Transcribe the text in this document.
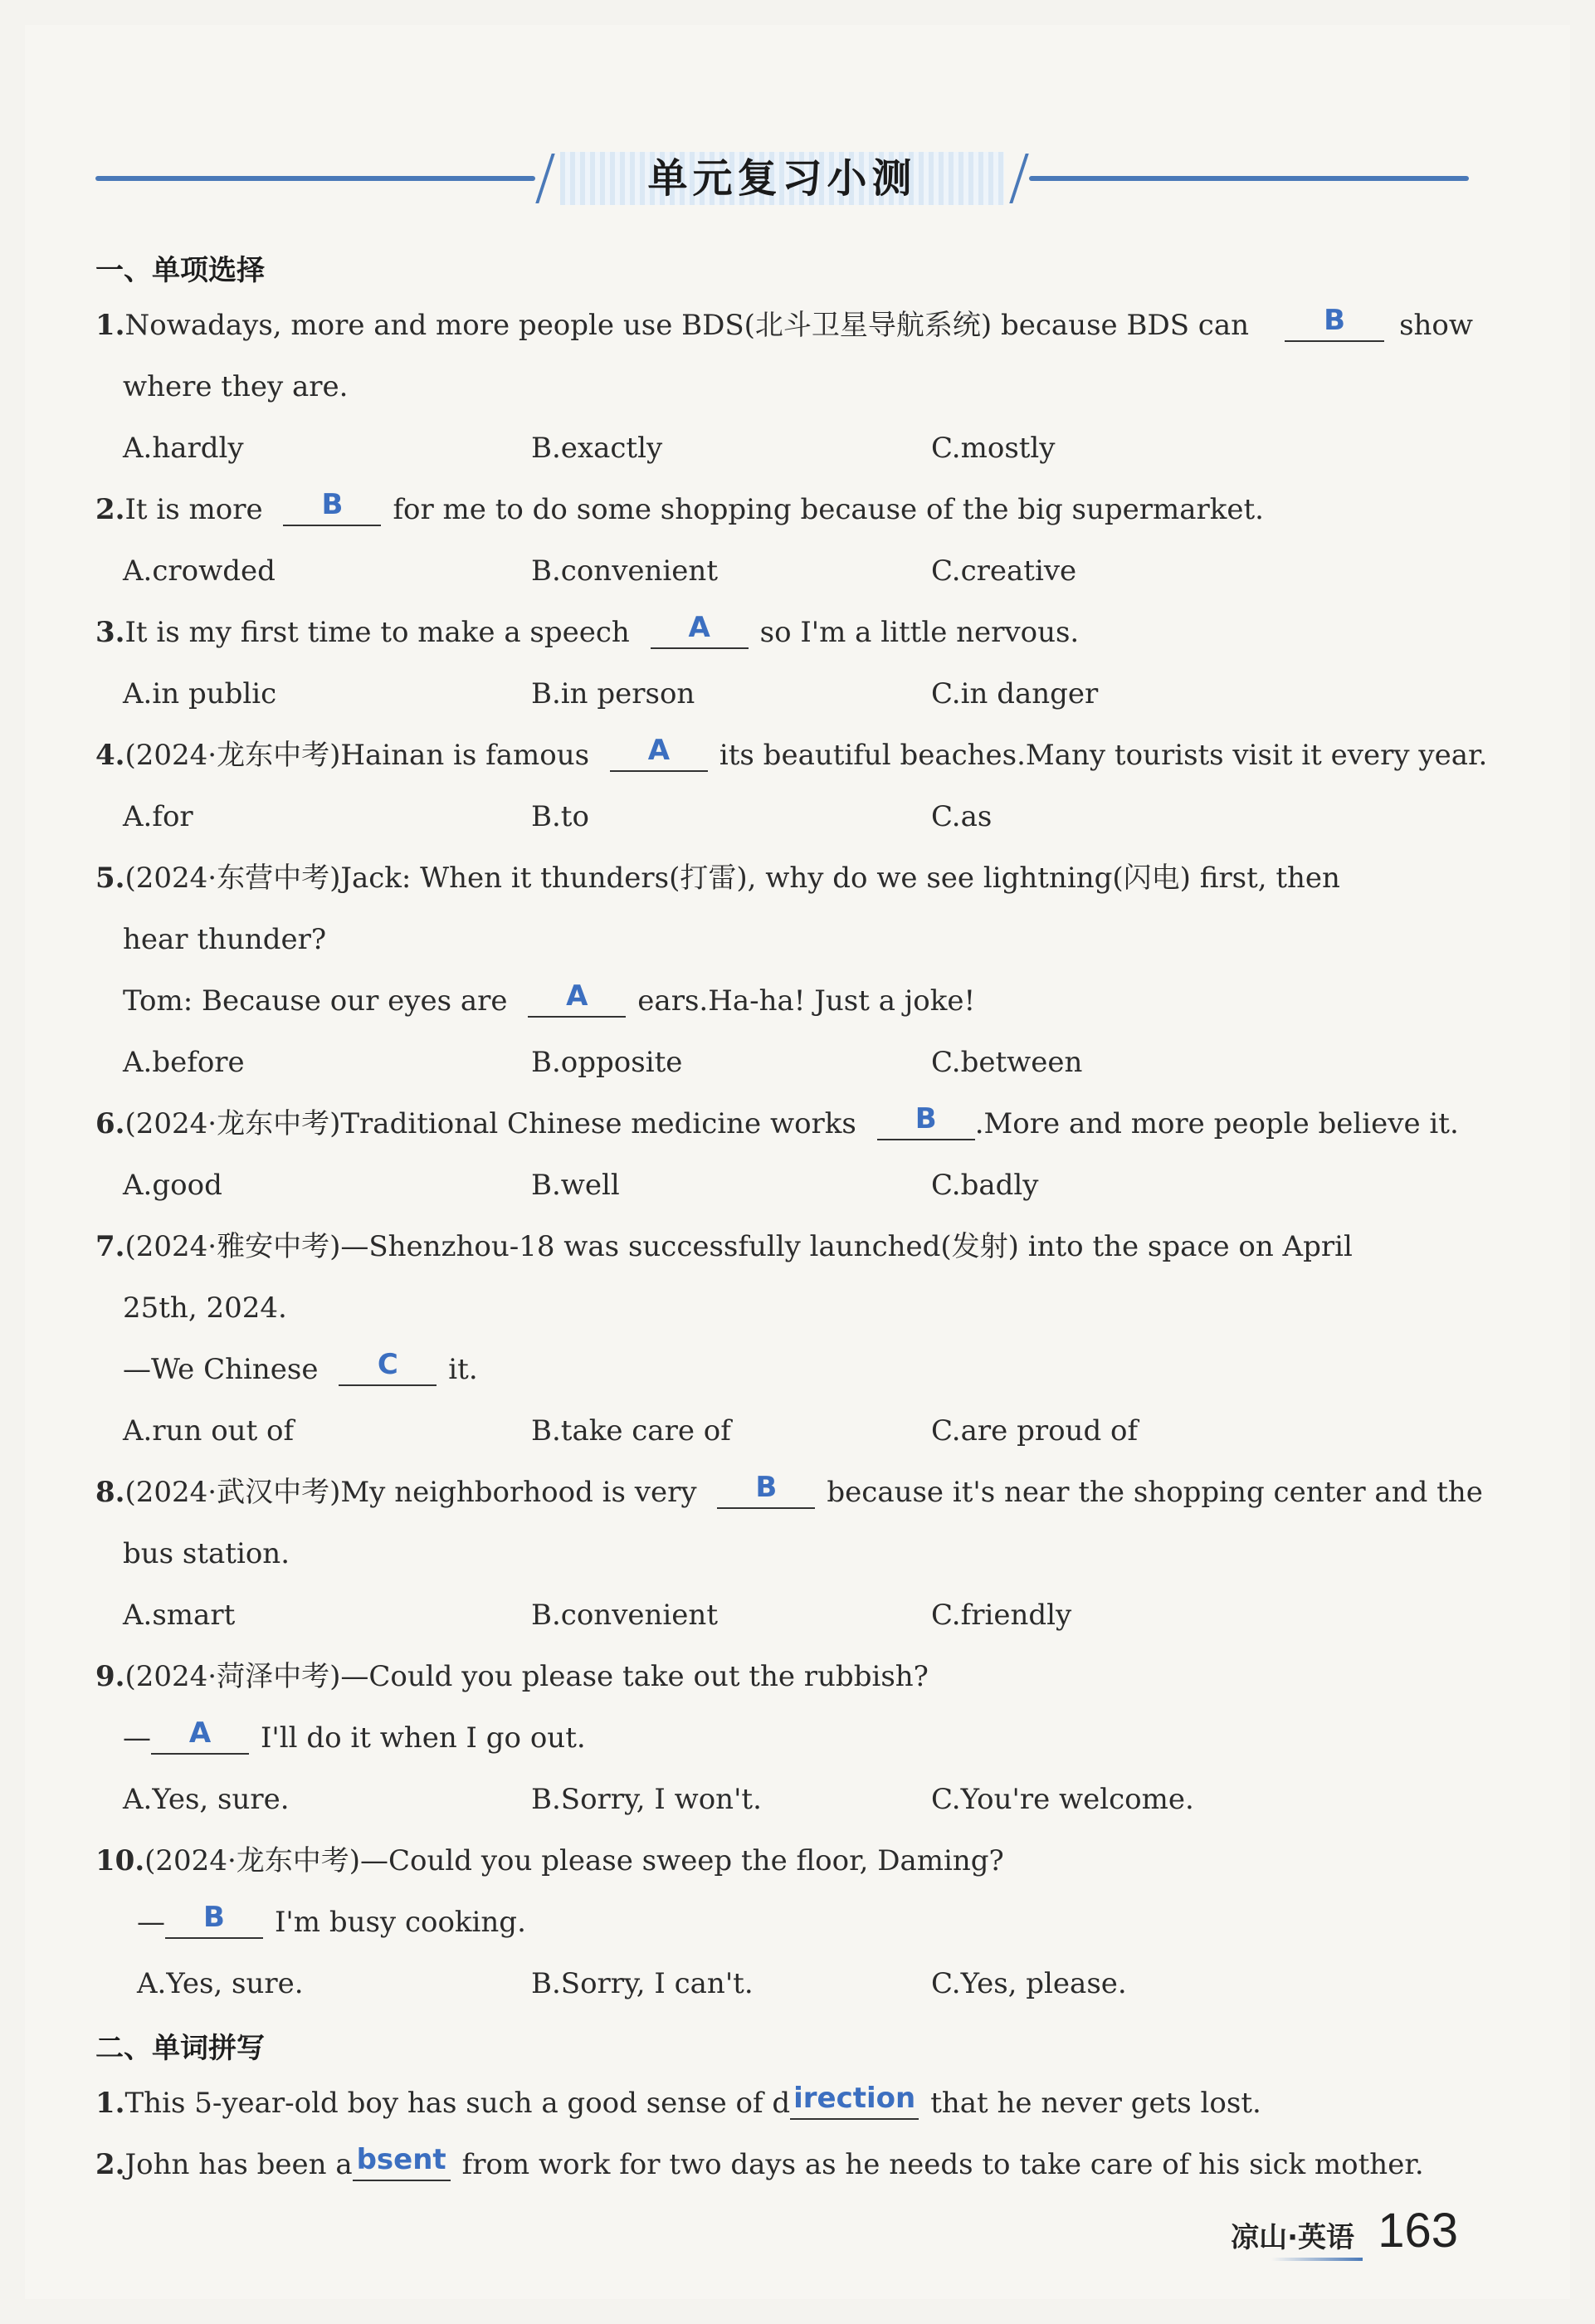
单元复习小测
一、单项选择
1.Nowadays, more and more people use BDS(北斗卫星导航系统) because BDS can	B	show
where they are.
A.hardly	B.exactly	C.mostly
2.It is more B for me to do some shopping because of the big supermarket.
A.crowded	B.convenient	C.creative
3.It is my first time to make a speech A so I'm a little nervous.
A.in public	B.in person	C.in danger
4.(2024·龙东中考)Hainan is famous A its beautiful beaches.Many tourists visit it every year.
A.for	B.to	C.as
5.(2024·东营中考)Jack: When it thunders(打雷), why do we see lightning(闪电) first, then
hear thunder?
Tom: Because our eyes are A ears.Ha-ha! Just a joke!
A.before	B.opposite	C.between
6.(2024·龙东中考)Traditional Chinese medicine works B .More and more people believe it.
A.good	B.well	C.badly
7.(2024·雅安中考)—Shenzhou-18 was successfully launched(发射) into the space on April
25th, 2024.
—We Chinese C it.
A.run out of	B.take care of	C.are proud of
8.(2024·武汉中考)My neighborhood is very B because it's near the shopping center and the
bus station.
A.smart	B.convenient	C.friendly
9.(2024·菏泽中考)—Could you please take out the rubbish?
— A I'll do it when I go out.
A.Yes, sure.	B.Sorry, I won't.	C.You're welcome.
10.(2024·龙东中考)—Could you please sweep the floor, Daming?
— B I'm busy cooking.
A.Yes, sure.	B.Sorry, I can't.	C.Yes, please.
二、单词拼写
1.This 5-year-old boy has such a good sense of d irection that he never gets lost.
2.John has been a bsent from work for two days as he needs to take care of his sick mother.
凉山·英语 163
